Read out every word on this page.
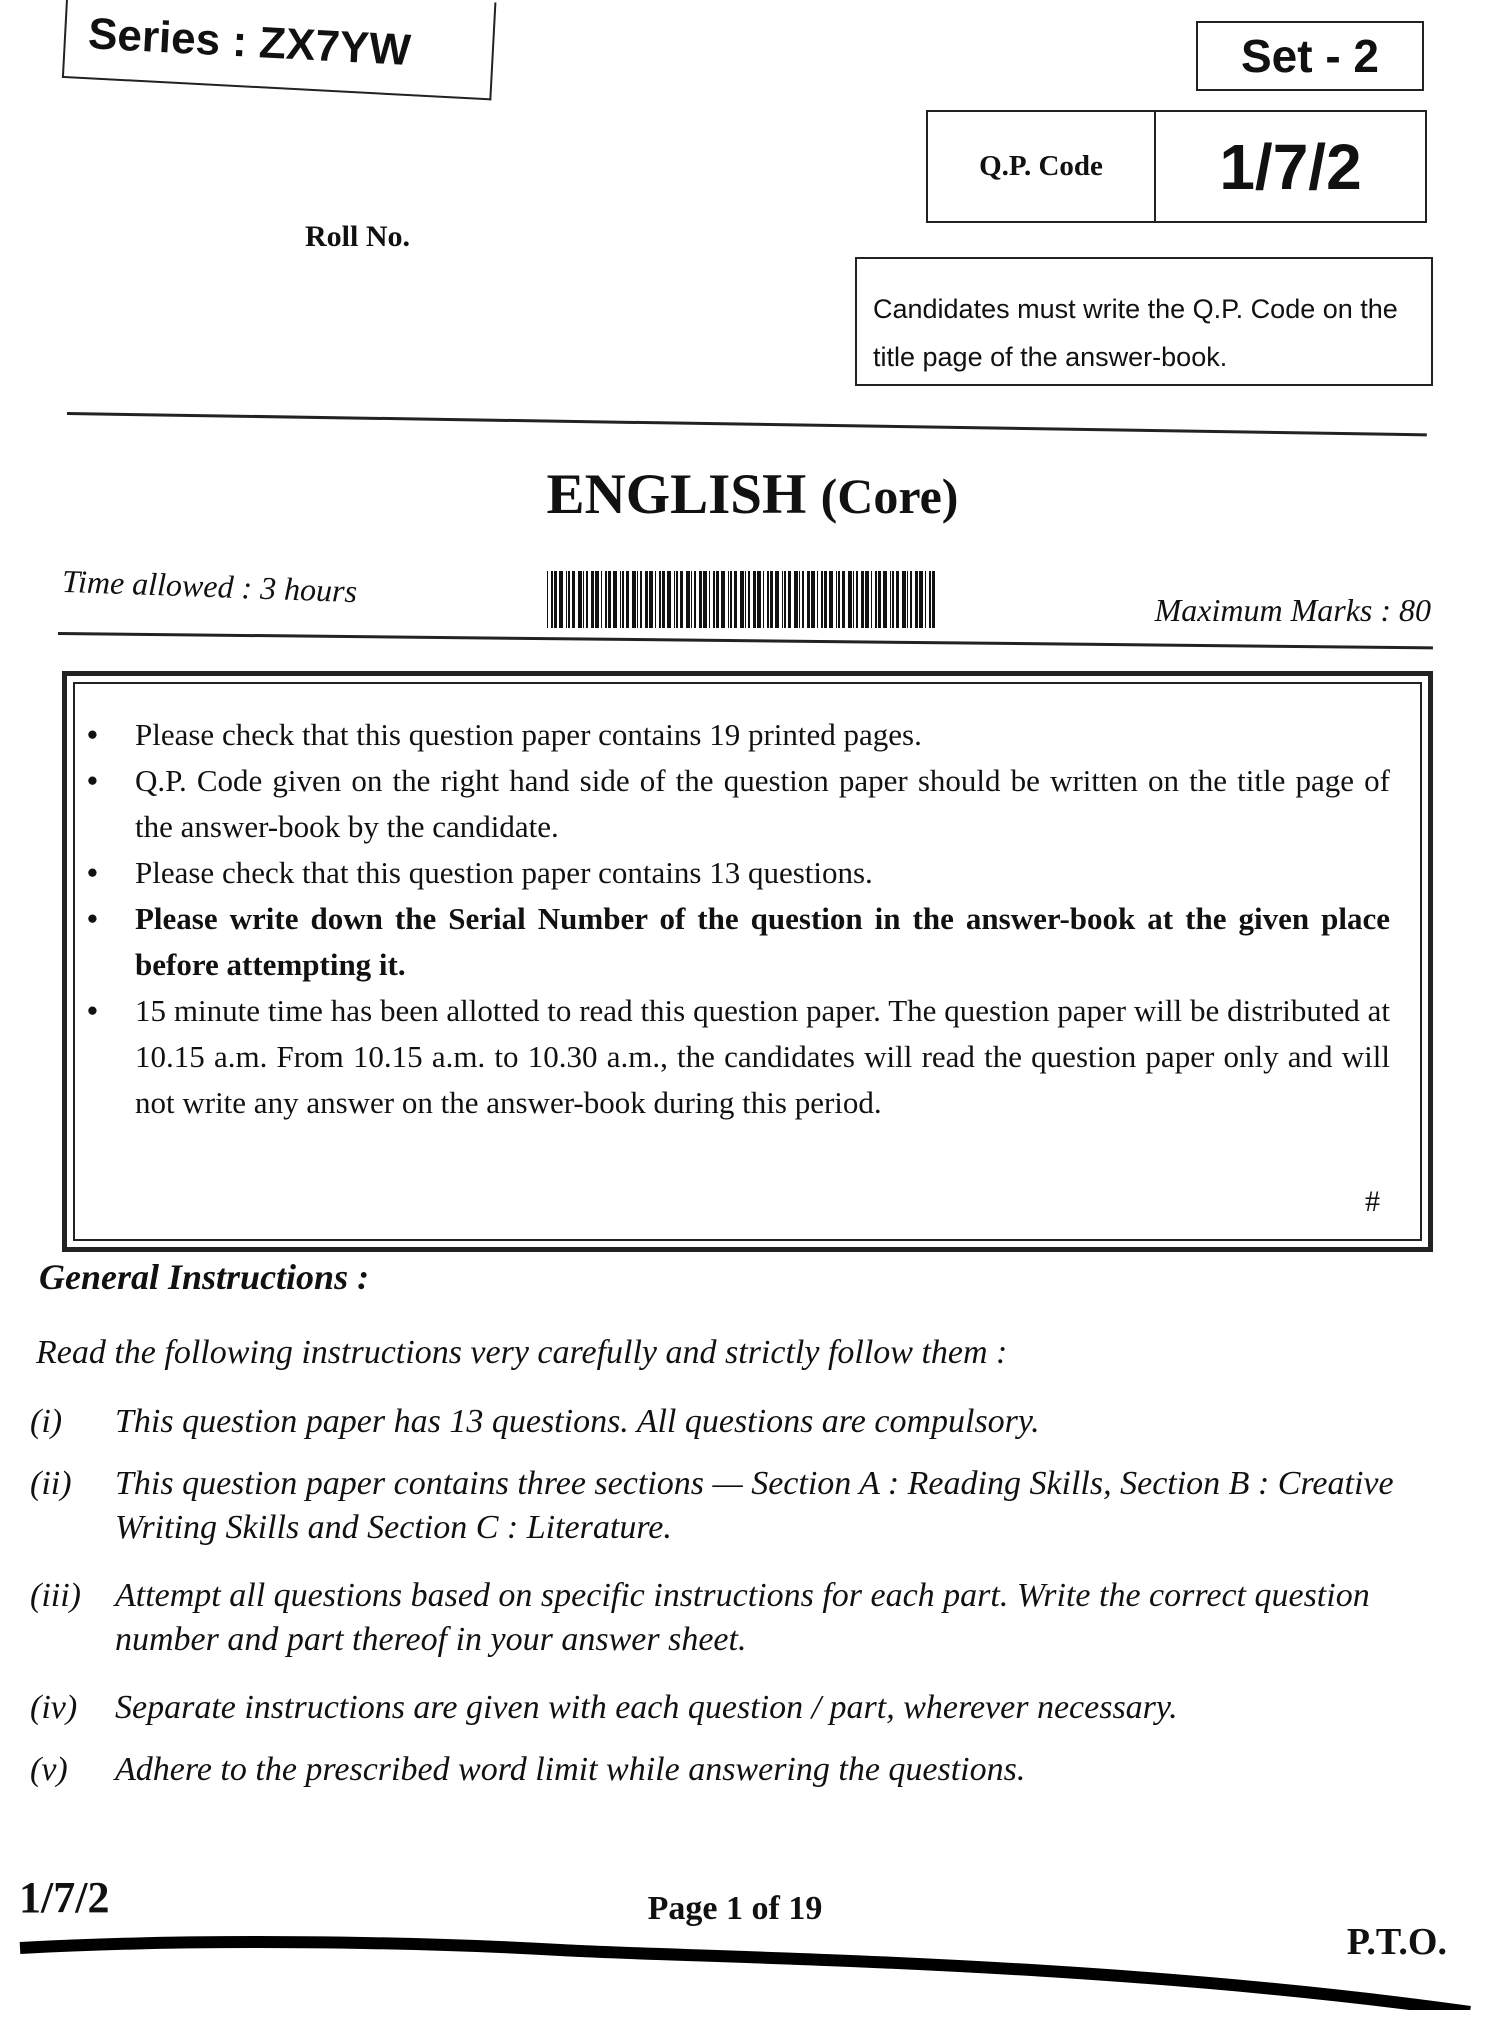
Series : ZX7YW	Set - 2
Q.P. Code	1/7/2
Roll No.
Candidates must write the Q.P. Code on the title page of the answer-book.
ENGLISH (Core)
Time allowed : 3 hours
Maximum Marks : 80
• Please check that this question paper contains 19 printed pages.
• Q.P. Code given on the right hand side of the question paper should be written on the title page of the answer-book by the candidate.
• Please check that this question paper contains 13 questions.
• Please write down the Serial Number of the question in the answer-book at the given place before attempting it.
• 15 minute time has been allotted to read this question paper. The question paper will be distributed at 10.15 a.m. From 10.15 a.m. to 10.30 a.m., the candidates will read the question paper only and will not write any answer on the answer-book during this period.
#
General Instructions :
Read the following instructions very carefully and strictly follow them :
(i)	This question paper has 13 questions. All questions are compulsory.
(ii)	This question paper contains three sections — Section A : Reading Skills, Section B : Creative Writing Skills and Section C : Literature.
(iii)	Attempt all questions based on specific instructions for each part. Write the correct question number and part thereof in your answer sheet.
(iv)	Separate instructions are given with each question / part, wherever necessary.
(v)	Adhere to the prescribed word limit while answering the questions.
1/7/2	Page 1 of 19
P.T.O.
